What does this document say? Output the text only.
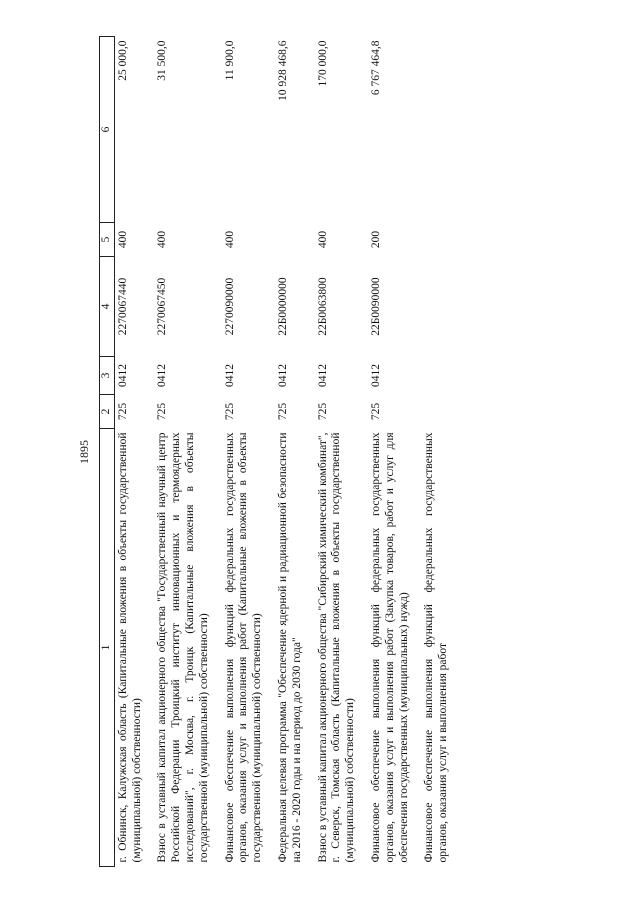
1895
1	2	3	4	5	6
г. Обнинск, Калужская область (Капитальные вложения в объекты государственной (муниципальной) собственности)	725	0412	2270067440	400	25 000,0

Взнос в уставный капитал акционерного общества "Государственный научный центр Российской Федерации Троицкий институт инновационных и термоядерных исследований", г. Москва, г. Троицк (Капитальные вложения в объекты государственной (муниципальной) собственности)	725	0412	2270067450	400	31 500,0

Финансовое обеспечение выполнения функций федеральных государственных органов, оказания услуг и выполнения работ (Капитальные вложения в объекты государственной (муниципальной) собственности)	725	0412	2270090000	400	11 900,0

Федеральная целевая программа "Обеспечение ядерной и радиационной безопасности на 2016 - 2020 годы и на период до 2030 года"	725	0412	22Б0000000		10 928 468,6

Взнос в уставный капитал акционерного общества "Сибирский химический комбинат", г. Северск, Томская область (Капитальные вложения в объекты государственной (муниципальной) собственности)	725	0412	22Б0063800	400	170 000,0

Финансовое обеспечение выполнения функций федеральных государственных органов, оказания услуг и выполнения работ (Закупка товаров, работ и услуг для обеспечения государственных (муниципальных) нужд)	725	0412	22Б0090000	200	6 767 464,8

Финансовое обеспечение выполнения функций федеральных государственных органов, оказания услуг и выполнения работ					
